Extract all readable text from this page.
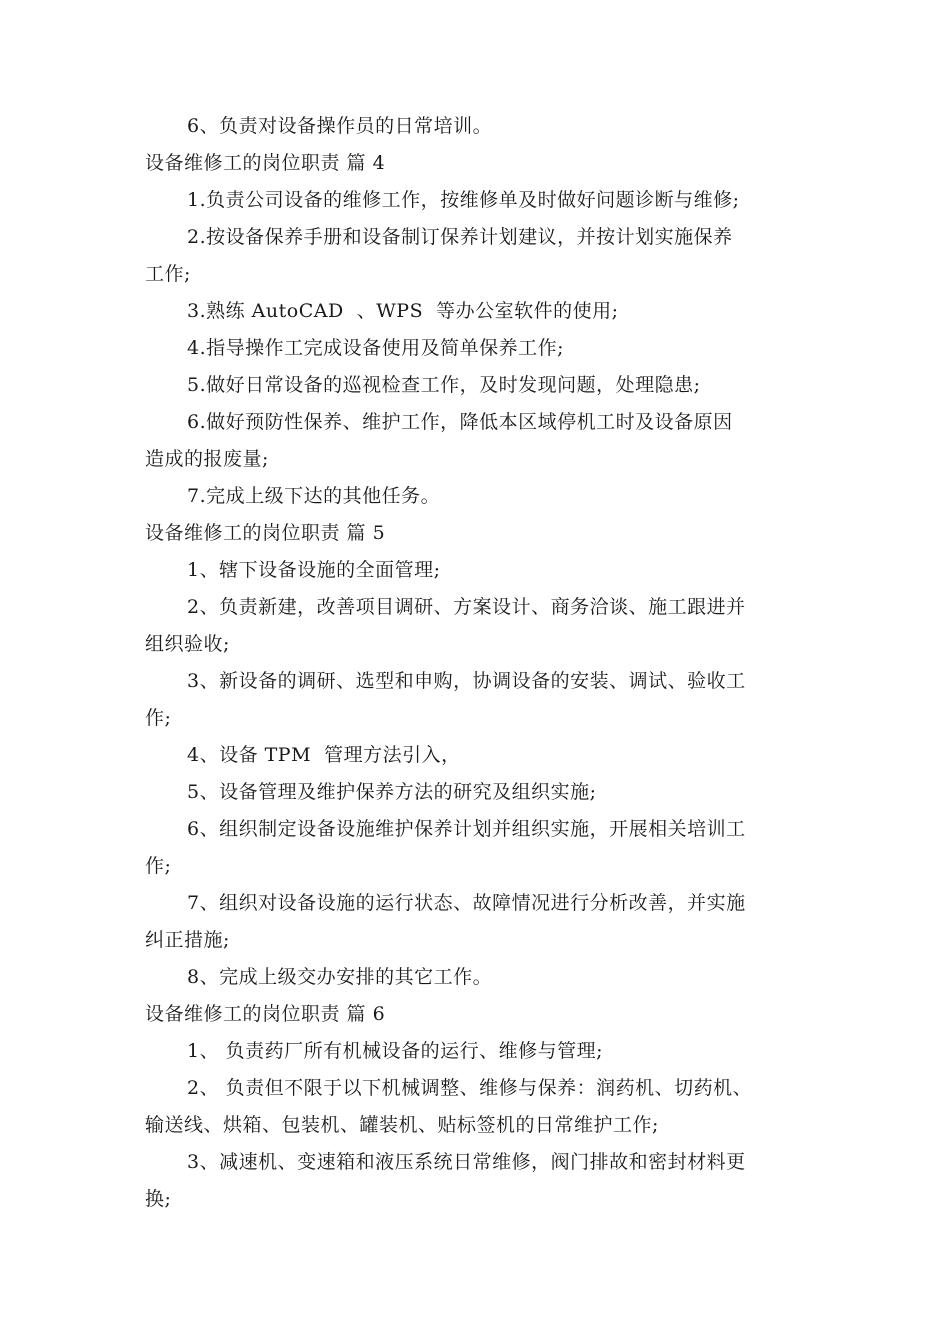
6、负责对设备操作员的日常培训。
设备维修工的岗位职责 篇 4
1.负责公司设备的维修工作，按维修单及时做好问题诊断与维修;
2.按设备保养手册和设备制订保养计划建议，并按计划实施保养
工作;
3.熟练 AutoCAD  、WPS  等办公室软件的使用;
4.指导操作工完成设备使用及简单保养工作;
5.做好日常设备的巡视检查工作，及时发现问题，处理隐患;
6.做好预防性保养、维护工作，降低本区域停机工时及设备原因
造成的报废量;
7.完成上级下达的其他任务。
设备维修工的岗位职责 篇 5
1、辖下设备设施的全面管理;
2、负责新建，改善项目调研、方案设计、商务洽谈、施工跟进并
组织验收;
3、新设备的调研、选型和申购，协调设备的安装、调试、验收工
作;
4、设备 TPM  管理方法引入，
5、设备管理及维护保养方法的研究及组织实施;
6、组织制定设备设施维护保养计划并组织实施，开展相关培训工
作;
7、组织对设备设施的运行状态、故障情况进行分析改善，并实施
纠正措施;
8、完成上级交办安排的其它工作。
设备维修工的岗位职责 篇 6
1、 负责药厂所有机械设备的运行、维修与管理;
2、 负责但不限于以下机械调整、维修与保养：润药机、切药机、
输送线、烘箱、包装机、罐装机、贴标签机的日常维护工作;
3、减速机、变速箱和液压系统日常维修，阀门排故和密封材料更
换;
